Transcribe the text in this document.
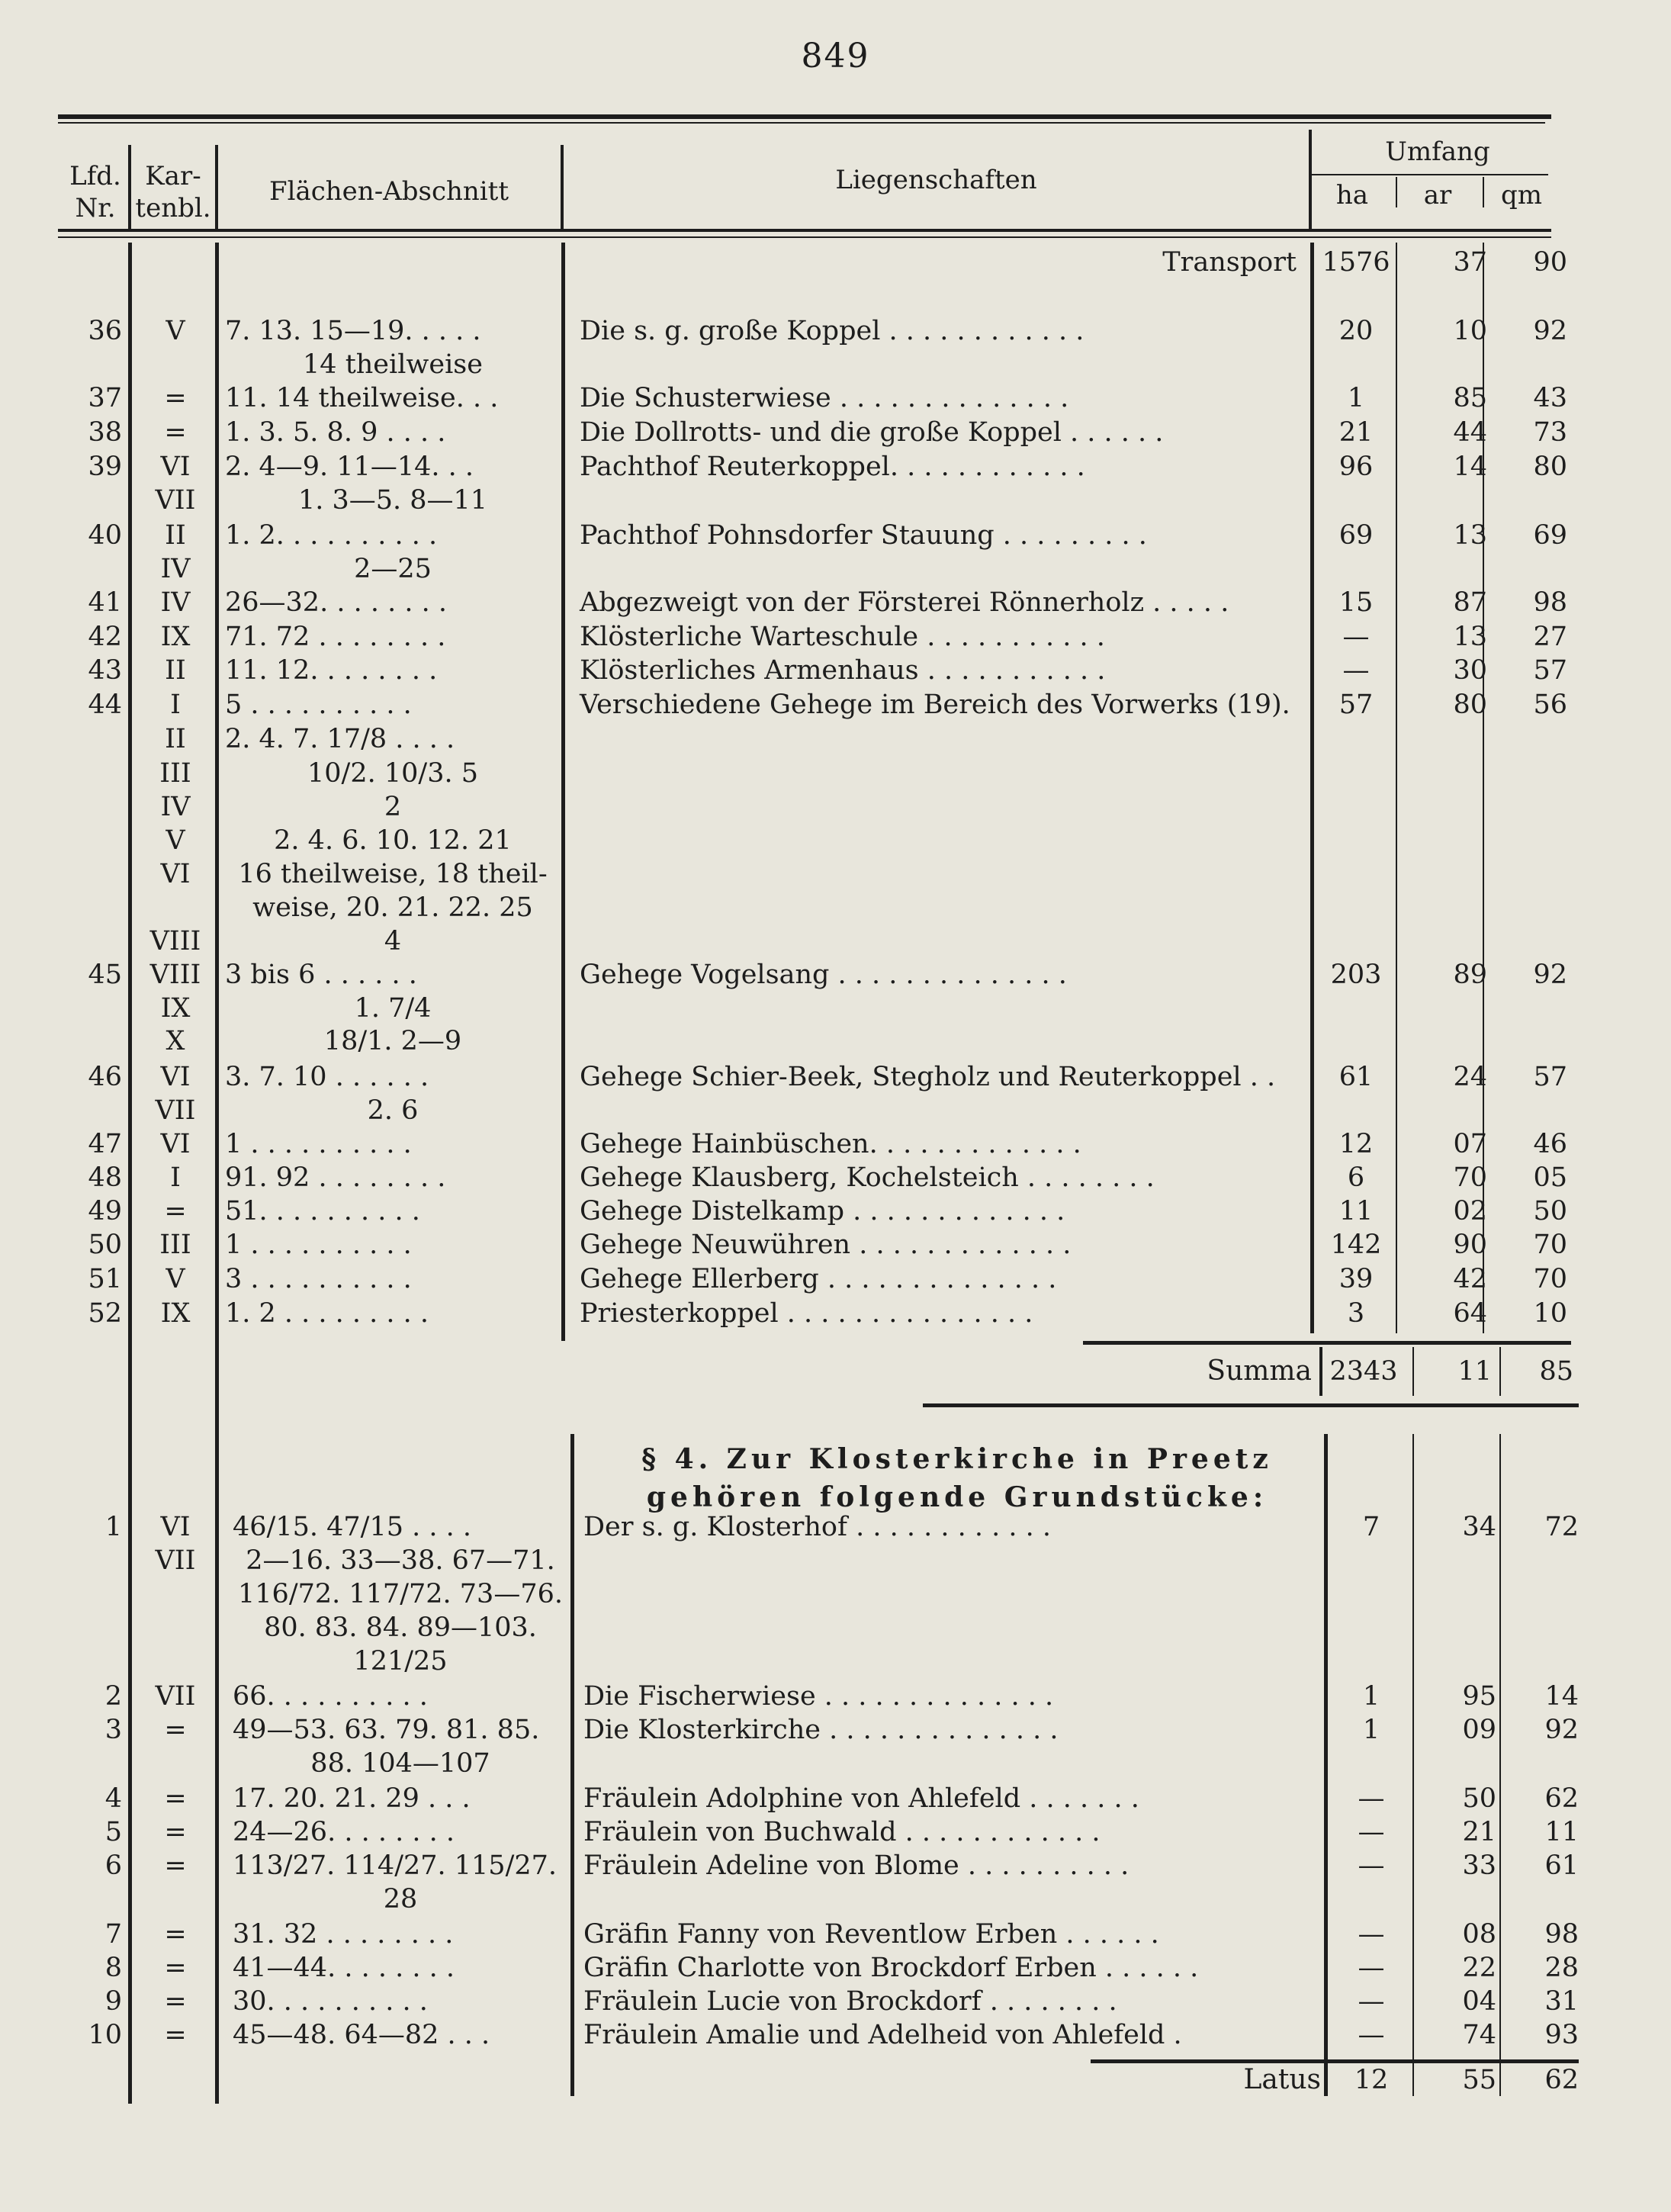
849
Lfd.
Nr.
Kar-
tenbl.
Flächen-Abschnitt	Liegenschaften
Umfang
ha	ar	qm
Transport 1576	37	90
36	V	7. 13. 15—19. . . . .	Die s. g. große Koppel . . . . . . . . . . . .	20	10	92
14 theilweise
37	=	11. 14 theilweise. . .	Die Schusterwiese . . . . . . . . . . . . . .	1	85	43
38	=	1. 3. 5. 8. 9 . . . .	Die Dollrotts- und die große Koppel . . . . . .	21	44	73
39	VI	2. 4—9. 11—14. . .	Pachthof Reuterkoppel. . . . . . . . . . . .	96	14	80
VII	1. 3—5. 8—11
40	II	1. 2. . . . . . . . . .	Pachthof Pohnsdorfer Stauung . . . . . . . . .	69	13	69
IV	2—25
41	IV	26—32. . . . . . . .	Abgezweigt von der Försterei Rönnerholz . . . . .	15	87	98
42	IX	71. 72 . . . . . . . .	Klösterliche Warteschule . . . . . . . . . . .	—	13	27
43	II	11. 12. . . . . . . .	Klösterliches Armenhaus . . . . . . . . . . .	—	30	57
44	I	5 . . . . . . . . . .	Verschiedene Gehege im Bereich des Vorwerks (19).	57	80	56
II	2. 4. 7. 17/8 . . . .
III	10/2. 10/3. 5
IV	2
V	2. 4. 6. 10. 12. 21
VI	16 theilweise, 18 theil-
weise, 20. 21. 22. 25
VIII	4
45	VIII 3 bis 6 . . . . . .	Gehege Vogelsang . . . . . . . . . . . . . .	203	89	92
IX	1. 7/4
X	18/1. 2—9
46	VI	3. 7. 10 . . . . . .	Gehege Schier-Beek, Stegholz und Reuterkoppel . .	61	24	57
VII	2. 6
47	VI	1 . . . . . . . . . .	Gehege Hainbüschen. . . . . . . . . . . . .	12	07	46
48	I	91. 92 . . . . . . . .	Gehege Klausberg, Kochelsteich . . . . . . . .	6	70	05
49	=	51. . . . . . . . . .	Gehege Distelkamp . . . . . . . . . . . . .	11	02	50
50	III	1 . . . . . . . . . .	Gehege Neuwühren . . . . . . . . . . . . .	142	90	70
51	V	3 . . . . . . . . . .	Gehege Ellerberg . . . . . . . . . . . . . .	39	42	70
52	IX	1. 2 . . . . . . . . .	Priesterkoppel . . . . . . . . . . . . . . .	3	64	10
Summa 2343	11	85
§ 4. Zur Klosterkirche in Preetz
gehören folgende Grundstücke:
1	VI	46/15. 47/15 . . . .	Der s. g. Klosterhof . . . . . . . . . . . .	7	34	72
VII	2—16. 33—38. 67—71.
116/72. 117/72. 73—76.
80. 83. 84. 89—103.
121/25
2	VII	66. . . . . . . . . .	Die Fischerwiese . . . . . . . . . . . . . .	1	95	14
3	=	49—53. 63. 79. 81. 85.	Die Klosterkirche . . . . . . . . . . . . . .	1	09	92
88. 104—107
4	=	17. 20. 21. 29 . . .	Fräulein Adolphine von Ahlefeld . . . . . . .	—	50	62
5	=	24—26. . . . . . . .	Fräulein von Buchwald . . . . . . . . . . . .	—	21	11
6	=	113/27. 114/27. 115/27. Fräulein Adeline von Blome . . . . . . . . . .	—	33	61
28
7	=	31. 32 . . . . . . . .	Gräfin Fanny von Reventlow Erben . . . . . .	—	08	98
8	=	41—44. . . . . . . .	Gräfin Charlotte von Brockdorf Erben . . . . . .	—	22	28
9	=	30. . . . . . . . . .	Fräulein Lucie von Brockdorf . . . . . . . .	—	04	31
10	=	45—48. 64—82 . . .	Fräulein Amalie und Adelheid von Ahlefeld .	—	74	93
Latus	12	55	62
